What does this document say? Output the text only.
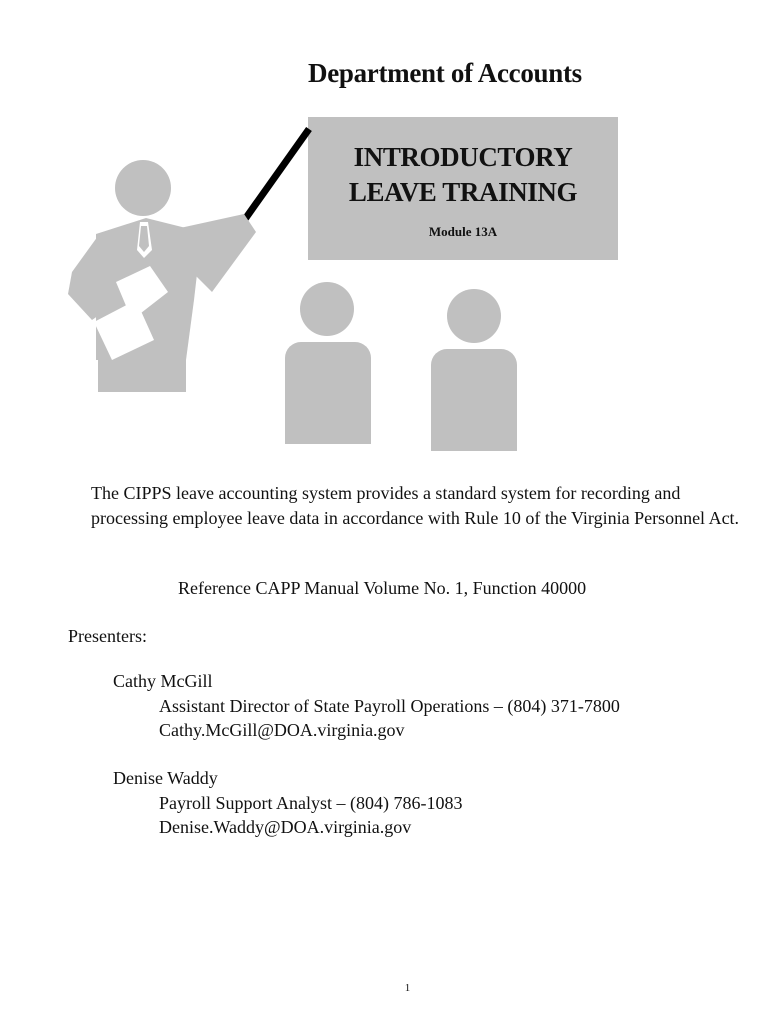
Department of Accounts
INTRODUCTORY
LEAVE TRAINING
Module 13A
The CIPPS leave accounting system provides a standard system for recording and processing employee leave data in accordance with Rule 10 of the Virginia Personnel Act.
Reference CAPP Manual Volume No. 1, Function 40000
Presenters:
Cathy McGill
Assistant Director of State Payroll Operations – (804) 371-7800
Cathy.McGill@DOA.virginia.gov
Denise Waddy
Payroll Support Analyst – (804) 786-1083
Denise.Waddy@DOA.virginia.gov
1
